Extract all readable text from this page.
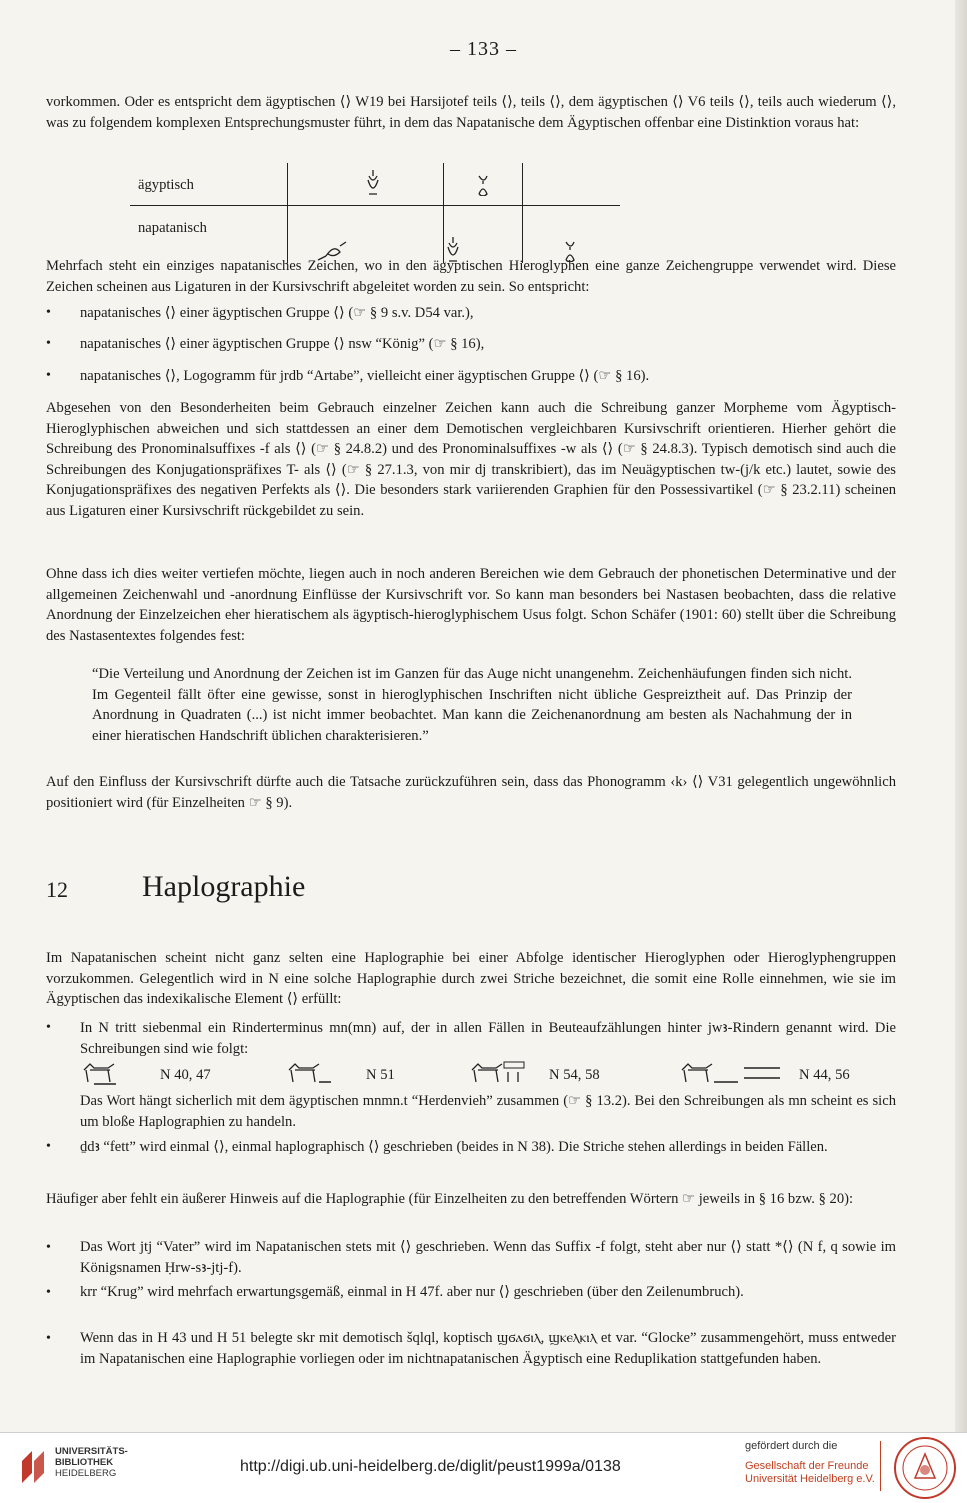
– 133 –

vorkommen. Oder es entspricht dem ägyptischen ⟨⟩ W19 bei Harsijotef teils ⟨⟩, teils ⟨⟩, dem ägyptischen ⟨⟩ V6 teils ⟨⟩, teils auch wiederum ⟨⟩, was zu folgendem komplexen Entsprechungsmuster führt, in dem das Napatanische dem Ägyptischen offenbar eine Distinktion voraus hat:

ägyptisch
napatanisch

Mehrfach steht ein einziges napatanisches Zeichen, wo in den ägyptischen Hieroglyphen eine ganze Zeichengruppe verwendet wird. Diese Zeichen scheinen aus Ligaturen in der Kursivschrift abgeleitet worden zu sein. So entspricht:

• napatanisches ⟨⟩ einer ägyptischen Gruppe ⟨⟩ (☞ § 9 s.v. D54 var.),

• napatanisches ⟨⟩ einer ägyptischen Gruppe ⟨⟩ nsw “König” (☞ § 16),

• napatanisches ⟨⟩, Logogramm für jrdb “Artabe”, vielleicht einer ägyptischen Gruppe ⟨⟩ (☞ § 16).

Abgesehen von den Besonderheiten beim Gebrauch einzelner Zeichen kann auch die Schreibung ganzer Morpheme vom Ägyptisch-Hieroglyphischen abweichen und sich stattdessen an einer dem Demotischen vergleichbaren Kursivschrift orientieren. Hierher gehört die Schreibung des Pronominalsuffixes -f als ⟨⟩ (☞ § 24.8.2) und des Pronominalsuffixes -w als ⟨⟩ (☞ § 24.8.3). Typisch demotisch sind auch die Schreibungen des Konjugationspräfixes T- als ⟨⟩ (☞ § 27.1.3, von mir dj transkribiert), das im Neuägyptischen tw-(j/k etc.) lautet, sowie des Konjugationspräfixes des negativen Perfekts als ⟨⟩. Die besonders stark variierenden Graphien für den Possessivartikel (☞ § 23.2.11) scheinen aus Ligaturen einer Kursivschrift rückgebildet zu sein.

Ohne dass ich dies weiter vertiefen möchte, liegen auch in noch anderen Bereichen wie dem Gebrauch der phonetischen Determinative und der allgemeinen Zeichenwahl und -anordnung Einflüsse der Kursivschrift vor. So kann man besonders bei Nastasen beobachten, dass die relative Anordnung der Einzelzeichen eher hieratischem als ägyptisch-hieroglyphischem Usus folgt. Schon Schäfer (1901: 60) stellt über die Schreibung des Nastasentextes folgendes fest:

“Die Verteilung und Anordnung der Zeichen ist im Ganzen für das Auge nicht unangenehm. Zeichenhäufungen finden sich nicht. Im Gegenteil fällt öfter eine gewisse, sonst in hieroglyphischen Inschriften nicht übliche Gespreiztheit auf. Das Prinzip der Anordnung in Quadraten (...) ist nicht immer beobachtet. Man kann die Zeichenanordnung am besten als Nachahmung der in einer hieratischen Handschrift üblichen charakterisieren.”

Auf den Einfluss der Kursivschrift dürfte auch die Tatsache zurückzuführen sein, dass das Phonogramm ‹k› ⟨⟩ V31 gelegentlich ungewöhnlich positioniert wird (für Einzelheiten ☞ § 9).

12 Haplographie

Im Napatanischen scheint nicht ganz selten eine Haplographie bei einer Abfolge identischer Hieroglyphen oder Hieroglyphengruppen vorzukommen. Gelegentlich wird in N eine solche Haplographie durch zwei Striche bezeichnet, die somit eine Rolle einnehmen, wie sie im Ägyptischen das indexikalische Element ⟨⟩ erfüllt:

• In N tritt siebenmal ein Rinderterminus mn(mn) auf, der in allen Fällen in Beuteaufzählungen hinter jwꜣ-Rindern genannt wird. Die Schreibungen sind wie folgt:

N 40, 47	N 51	N 54, 58	N 44, 56

Das Wort hängt sicherlich mit dem ägyptischen mnmn.t “Herdenvieh” zusammen (☞ § 13.2). Bei den Schreibungen als mn scheint es sich um bloße Haplographien zu handeln.

• ḏdꜣ “fett” wird einmal ⟨⟩, einmal haplographisch ⟨⟩ geschrieben (beides in N 38). Die Striche stehen allerdings in beiden Fällen.

Häufiger aber fehlt ein äußerer Hinweis auf die Haplographie (für Einzelheiten zu den betreffenden Wörtern ☞ jeweils in § 16 bzw. § 20):

• Das Wort jtj “Vater” wird im Napatanischen stets mit ⟨⟩ geschrieben. Wenn das Suffix -f folgt, steht aber nur ⟨⟩ statt *⟨⟩ (N f, q sowie im Königsnamen Ḥrw-sꜣ-jtj-f).

• krr “Krug” wird mehrfach erwartungsgemäß, einmal in H 47f. aber nur ⟨⟩ geschrieben (über den Zeilenumbruch).

• Wenn das in H 43 und H 51 belegte skr mit demotisch šqlql, koptisch ϣϭⲁϭⲓⲗ, ϣⲕⲉⲗⲕⲓⲗ et var. “Glocke” zusammengehört, muss entweder im Napatanischen eine Haplographie vorliegen oder im nichtnapatanischen Ägyptisch eine Reduplikation stattgefunden haben.

UNIVERSITÄTS-
BIBLIOTHEK
HEIDELBERG	http://digi.ub.uni-heidelberg.de/diglit/peust1999a/0138
gefördert durch die
Gesellschaft der Freunde
Universität Heidelberg e.V.
